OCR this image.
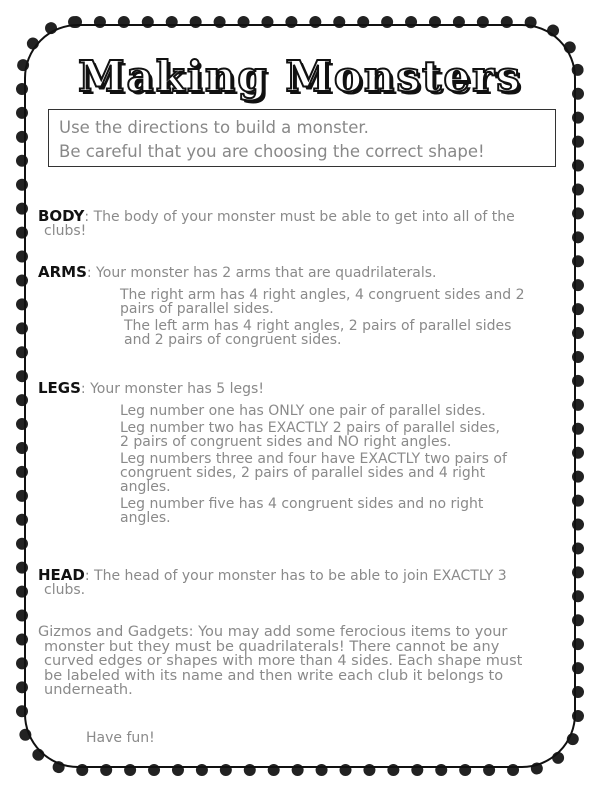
Making Monsters
Use the directions to build a monster.
Be careful that you are choosing the correct shape!
BODY: The body of your monster must be able to get into all of the
clubs!
ARMS: Your monster has 2 arms that are quadrilaterals.
The right arm has 4 right angles, 4 congruent sides and 2
pairs of parallel sides.
The left arm has 4 right angles, 2 pairs of parallel sides
and 2 pairs of congruent sides.
LEGS: Your monster has 5 legs!
Leg number one has ONLY one pair of parallel sides.
Leg number two has EXACTLY 2 pairs of parallel sides,
2 pairs of congruent sides and NO right angles.
Leg numbers three and four have EXACTLY two pairs of
congruent sides, 2 pairs of parallel sides and 4 right
angles.
Leg number five has 4 congruent sides and no right
angles.
HEAD: The head of your monster has to be able to join EXACTLY 3
clubs.
Gizmos and Gadgets: You may add some ferocious items to your
monster but they must be quadrilaterals! There cannot be any
curved edges or shapes with more than 4 sides. Each shape must
be labeled with its name and then write each club it belongs to
underneath.
Have fun!
